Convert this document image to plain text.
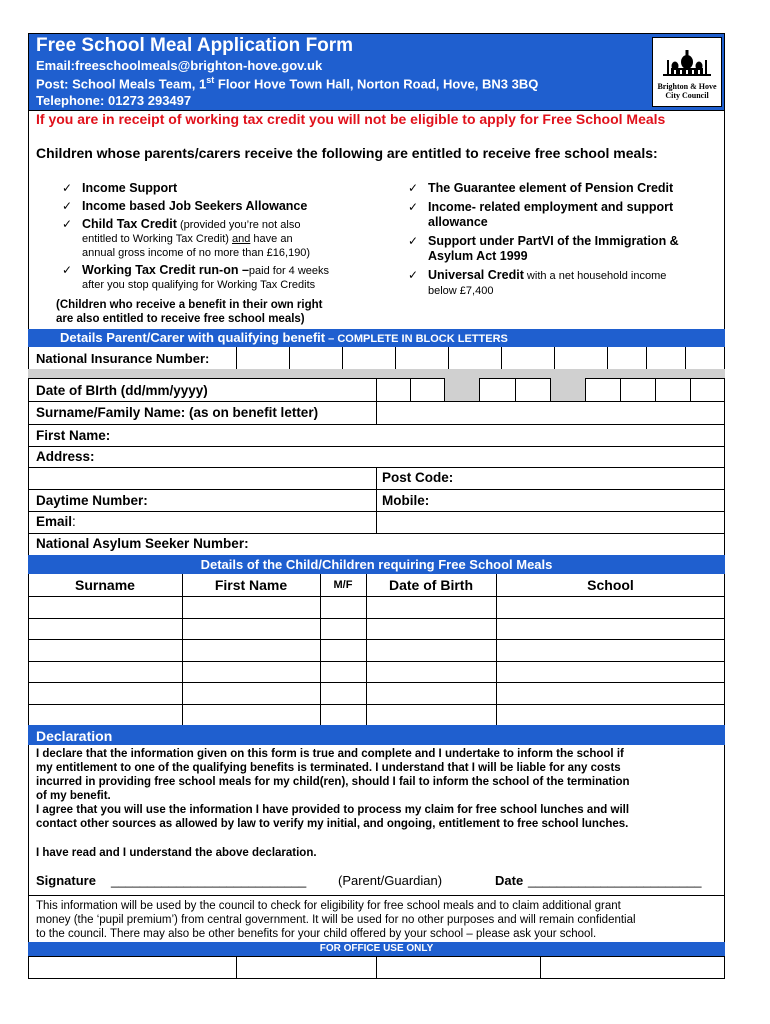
Free School Meal Application Form
Email:freeschoolmeals@brighton-hove.gov.uk
Post: School Meals Team, 1st Floor Hove Town Hall, Norton Road, Hove, BN3 3BQ
Telephone: 01273 293497
Brighton & Hove
City Council
If you are in receipt of working tax credit you will not be eligible to apply for Free School Meals
Children whose parents/carers receive the following are entitled to receive free school meals:
✓ Income Support
✓ Income based Job Seekers Allowance
✓ Child Tax Credit (provided you’re not also
entitled to Working Tax Credit) and have an
annual gross income of no more than £16,190)
✓ Working Tax Credit run-on –paid for 4 weeks
after you stop qualifying for Working Tax Credits
(Children who receive a benefit in their own right
are also entitled to receive free school meals)
✓ The Guarantee element of Pension Credit
✓ Income- related employment and support
allowance
✓ Support under PartVI of the Immigration &
Asylum Act 1999
✓ Universal Credit with a net household income
below £7,400
Details Parent/Carer with qualifying benefit – COMPLETE IN BLOCK LETTERS
National Insurance Number:
Date of BIrth (dd/mm/yyyy)
Surname/Family Name: (as on benefit letter)
First Name:
Address:
Post Code:
Daytime Number:	Mobile:
Email:
National Asylum Seeker Number:
Details of the Child/Children requiring Free School Meals
Surname	First Name	M/F	Date of Birth	School
Declaration
I declare that the information given on this form is true and complete and I undertake to inform the school if
my entitlement to one of the qualifying benefits is terminated. I understand that I will be liable for any costs
incurred in providing free school meals for my child(ren), should I fail to inform the school of the termination
of my benefit.
I agree that you will use the information I have provided to process my claim for free school lunches and will
contact other sources as allowed by law to verify my initial, and ongoing, entitlement to free school lunches.
I have read and I understand the above declaration.
Signature ___________________________ (Parent/Guardian)	Date ________________________
This information will be used by the council to check for eligibility for free school meals and to claim additional grant
money (the ‘pupil premium’) from central government. It will be used for no other purposes and will remain confidential
to the council. There may also be other benefits for your child offered by your school – please ask your school.
FOR OFFICE USE ONLY
